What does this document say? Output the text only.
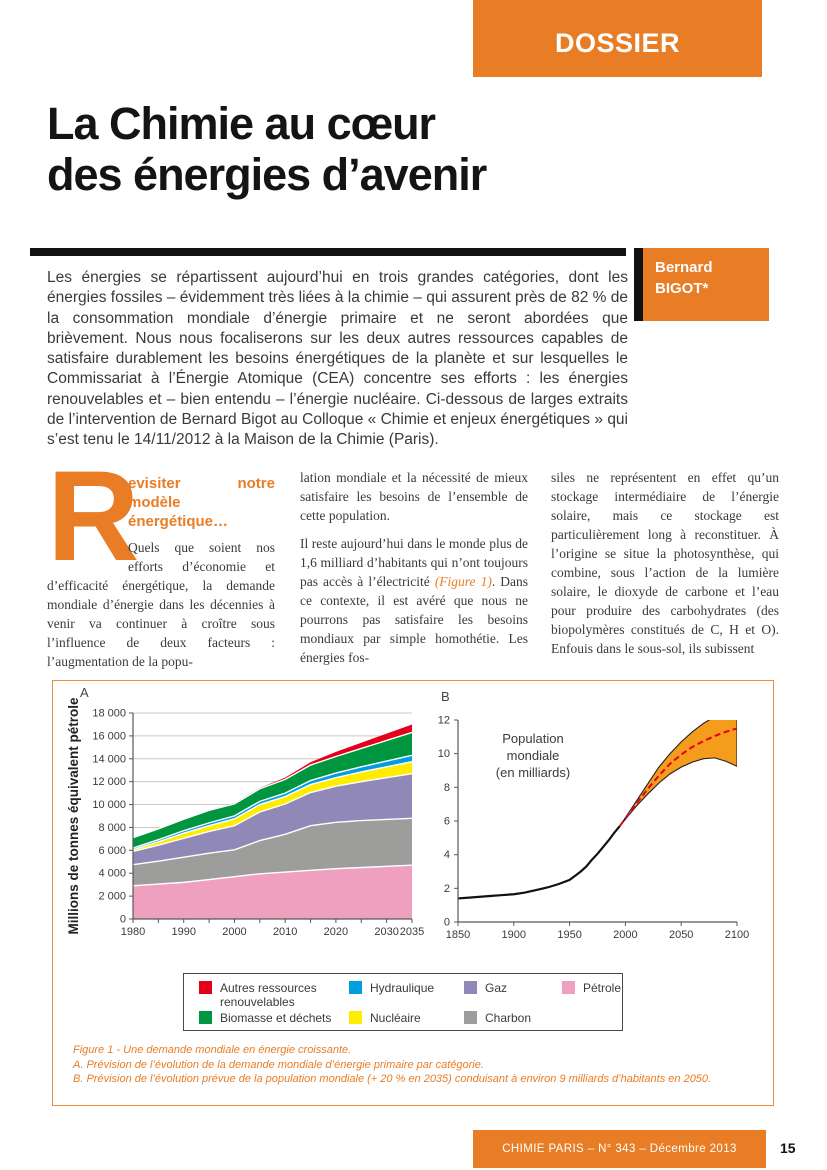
DOSSIER
La Chimie au cœur
des énergies d’avenir
Les énergies se répartissent aujourd’hui en trois grandes catégories, dont les énergies fossiles – évidemment très liées à la chimie – qui assurent près de 82 % de la consommation mondiale d’énergie primaire et ne seront abordées que brièvement. Nous nous focaliserons sur les deux autres ressources capables de satisfaire durablement les besoins énergétiques de la planète et sur lesquelles le Commissariat à l’Énergie Atomique (CEA) concentre ses efforts : les énergies renouvelables et – bien entendu – l’énergie nucléaire. Ci-dessous de larges extraits de l’intervention de Bernard Bigot au Colloque « Chimie et enjeux énergétiques » qui s’est tenu le 14/11/2012 à la Maison de la Chimie (Paris).
Bernard
BIGOT*
R
evisiter notre modèle
énergétique…

Quels que soient nos efforts d’économie et d’efficacité énergétique, la demande mondiale d’énergie dans les décennies à venir va continuer à croître sous l’influence de deux facteurs : l’augmentation de la popu-

lation mondiale et la nécessité de mieux satisfaire les besoins de l’ensemble de cette population.

Il reste aujourd’hui dans le monde plus de 1,6 milliard d’habitants qui n’ont toujours pas accès à l’électricité (Figure 1). Dans ce contexte, il est avéré que nous ne pourrons pas satisfaire les besoins mondiaux par simple homothétie. Les énergies fos-

siles ne représentent en effet qu’un stockage intermédiaire de l’énergie solaire, mais ce stockage est particulièrement long à reconstituer. À l’origine se situe la photosynthèse, qui combine, sous l’action de la lumière solaire, le dioxyde de carbone et l’eau pour produire des carbohydrates (des biopolymères constitués de C, H et O). Enfouis dans le sous-sol, ils subissent

0
2 000
4 000
6 000
8 000
10 000
12 000
14 000
16 000
18 000
1980 1990 2000 2010 2020 2030 2035
Millions de tonnes équivalent pétrole
A
0
2
4
6
8
10
12
1850	1900	1950	2000	2050	2100
Population
mondiale
(en milliards)
B
Autres ressources renouvelables
Hydraulique	Gaz	Pétrole
Biomasse et déchets	Nucléaire	Charbon
Figure 1 - Une demande mondiale en énergie croissante.
A. Prévision de l’évolution de la demande mondiale d’énergie primaire par catégorie.
B. Prévision de l’évolution prévue de la population mondiale (+ 20 % en 2035) conduisant à environ 9 milliards d’habitants en 2050.
CHIMIE PARIS – N° 343 – Décembre 2013	15
